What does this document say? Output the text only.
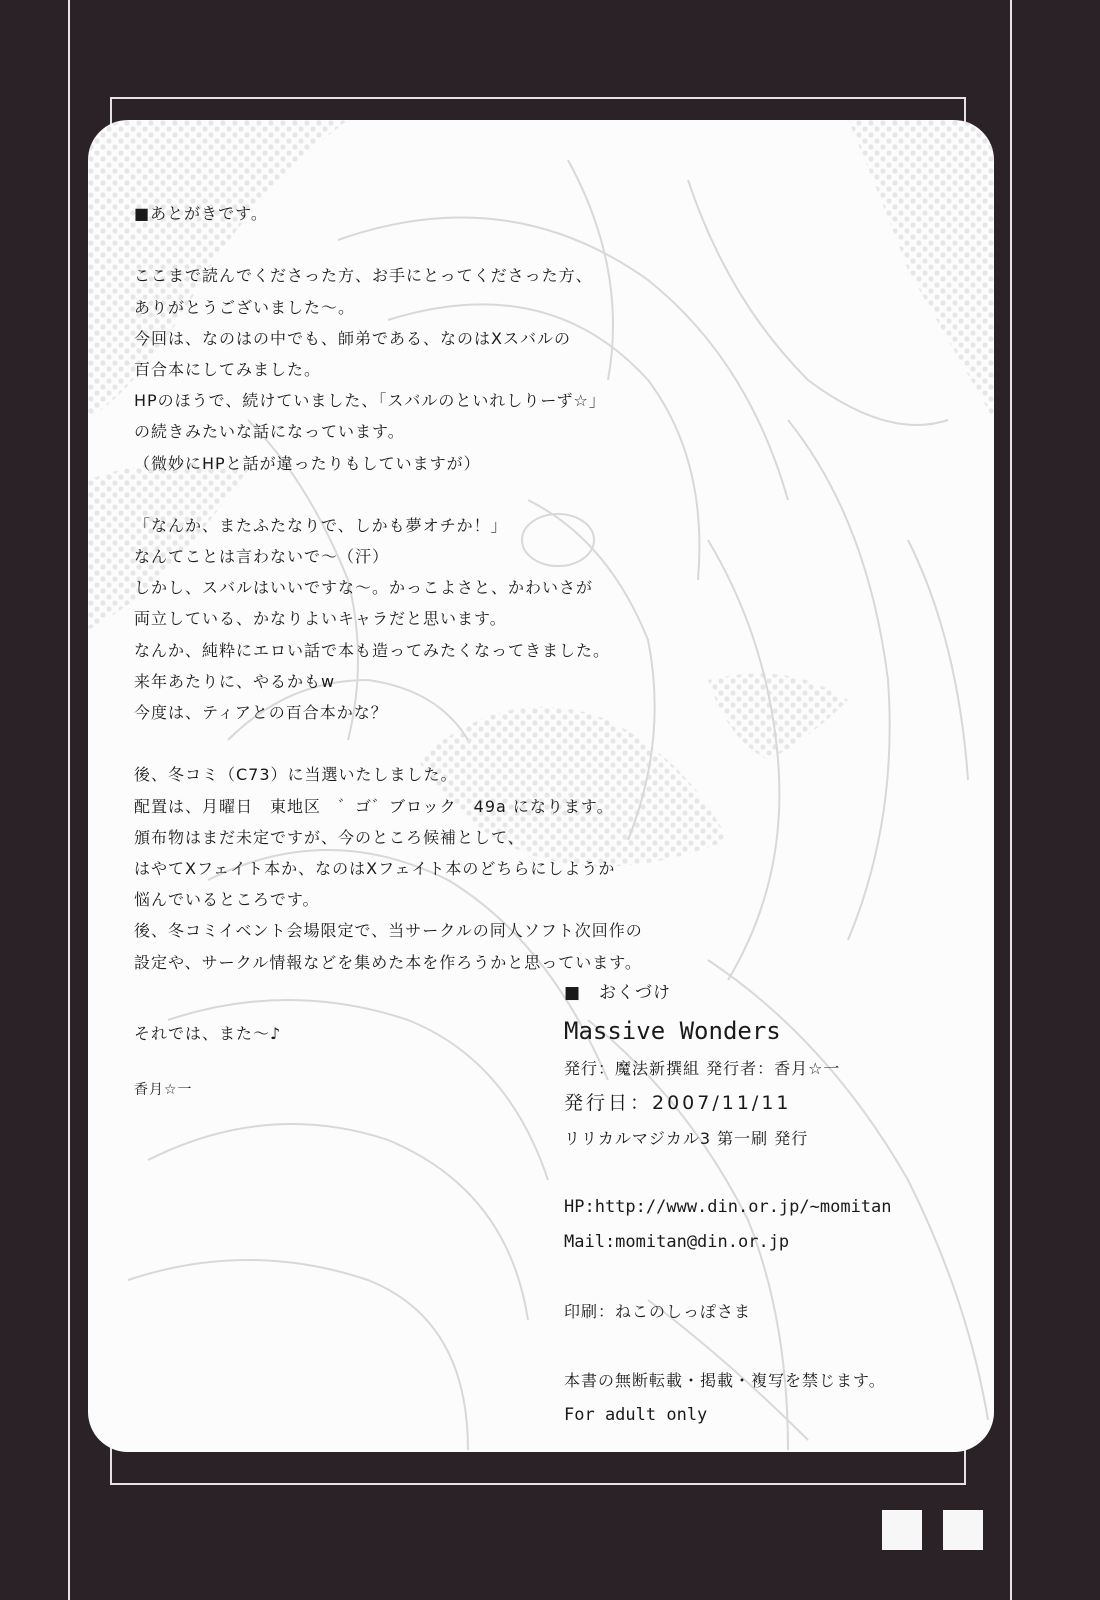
■あとがきです。
ここまで読んでくださった方、お手にとってくださった方、
ありがとうございました～。
今回は、なのはの中でも、師弟である、なのはXスバルの
百合本にしてみました。
HPのほうで、続けていました、「スバルのといれしりーず☆」
の続きみたいな話になっています。
（微妙にHPと話が違ったりもしていますが）
「なんか、またふたなりで、しかも夢オチか！」
なんてことは言わないで～（汗）
しかし、スバルはいいですな～。かっこよさと、かわいさが
両立している、かなりよいキャラだと思います。
なんか、純粋にエロい話で本も造ってみたくなってきました。
来年あたりに、やるかもw
今度は、ティアとの百合本かな？
後、冬コミ（C73）に当選いたしました。
配置は、月曜日　東地区　゛ゴ゛ブロック　49a になります。
頒布物はまだ未定ですが、今のところ候補として、
はやてXフェイト本か、なのはXフェイト本のどちらにしようか
悩んでいるところです。
後、冬コミイベント会場限定で、当サークルの同人ソフト次回作の
設定や、サークル情報などを集めた本を作ろうかと思っています。
それでは、また～♪
香月☆一
■　おくづけ
Massive Wonders
発行：魔法新撰組 発行者：香月☆一
発行日：2007/11/11
リリカルマジカル3 第一刷 発行
HP:http://www.din.or.jp/~momitan
Mail:momitan@din.or.jp
印刷：ねこのしっぽさま
本書の無断転載・掲載・複写を禁じます。
For adult only
